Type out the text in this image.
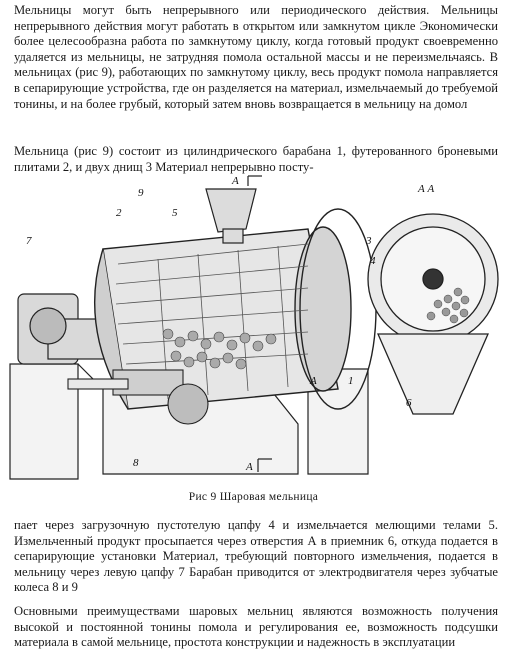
Мельницы могут быть непрерывного или периодического действия. Мельницы непрерывного действия могут работать в открытом или замкнутом цикле Экономически более целесообразна работа по замкнутому циклу, когда готовый продукт своевременно удаляется из мельницы, не затрудняя помола остальной массы и не переизмельчаясь. В мельницах (рис 9), работающих по замкнутому циклу, весь продукт помола направляется в сепарирующие устройства, где он разделяется на материал, измельчаемый до требуемой тонины, и на более грубый, который затем вновь возвращается в мельницу на домол

Мельница (рис 9) состоит из цилиндрического барабана 1, футерованного броневыми плитами 2, и двух днищ 3 Материал непрерывно посту-

9
2	5
7	3
4
А
А	1
8	А
6
А А
Рис 9 Шаровая мельница

пает через загрузочную пустотелую цапфу 4 и измельчается мелющими телами 5. Измельченный продукт просыпается через отверстия А в приемник 6, откуда подается в сепарирующие установки Материал, требующий повторного измельчения, подается в мельницу через левую цапфу 7 Барабан приводится от электродвигателя через зубчатые колеса 8 и 9

Основными преимуществами шаровых мельниц являются возможность получения высокой и постоянной тонины помола и регулирования ее, возможность подсушки материала в самой мельнице, простота конструкции и надежность в эксплуатации
